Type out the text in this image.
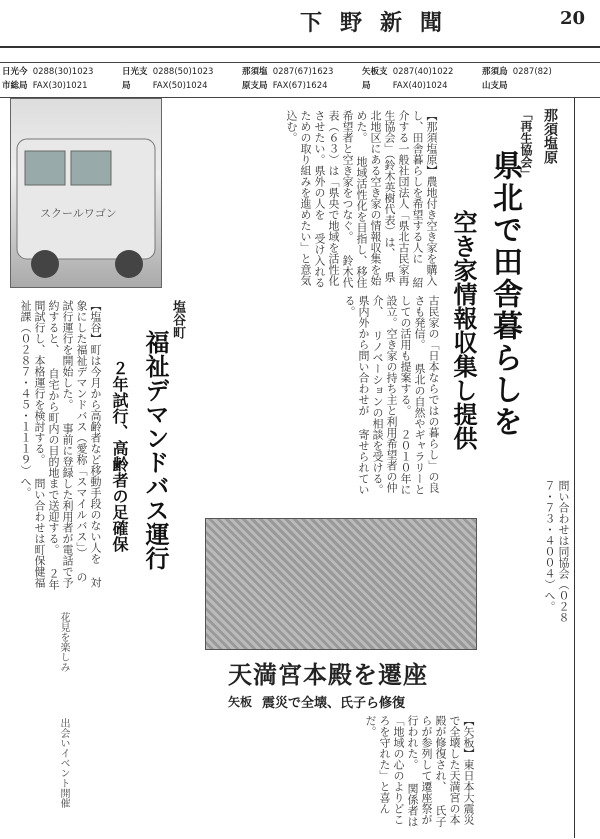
下野新聞	20
日光今市総局 0288(30)1023
FAX(30)1021
日光支局 0288(50)1023
FAX(50)1024
那須塩原支局 0287(67)1623
FAX(67)1624
矢板支局 0287(40)1022
FAX(40)1024
那須烏山支局 0287(82)

那須塩原
「再生協会」
県北で田舎暮らしを
空き家情報収集し提供
【那須塩原】農地付き空き家を購入し、田舎暮らしを希望する人に 紹介する一般社団法人「県北古民家再生協会」（鈴木英樹代表）は、 県北地区にある空き家の情報収集を始めた。 地域活性化を目指し、移住希望者と空き家をつなぐ。 鈴木代表（６３）は「県央で地域を活性化させたい。県外の人を 受け入れるための取り組みを進めたい」と意気込む。
古民家の「日本ならではの暮らし」の良さも発信。 県北の自然やギャラリーとしての活用も提案する。 ２０１０年に設立。空き家の持ち主と利用希望者の仲介、 リノベーションの相談を受ける。県内外から問い合わせが 寄せられている。
問い合わせは同協会（０２８７・７３・４００４）へ。
スクールワゴン
塩谷町
福祉デマンドバス運行
２年試行、高齢者の足確保
【塩谷】町は今月から高齢者など移動手段のない人を 対象にした福祉デマンドバス（愛称「スマイルバス」） の試行運行を開始した。 事前に登録した利用者が電話で予約すると、 自宅から町内の目的地まで送迎する。 ２年間試行し、本格運行を検討する。 問い合わせは町保健福祉課（０２８７・４５・１１１９）へ。
天満宮本殿を遷座
矢板 震災で全壊、氏子ら修復
【矢板】東日本大震災で全壊した天満宮の本殿が修復され、 氏子らが参列して遷座祭が行われた。 関係者は「地域の心のよりどころを守れた」と喜んだ。
花見を楽しみ
出会いイベント開催
